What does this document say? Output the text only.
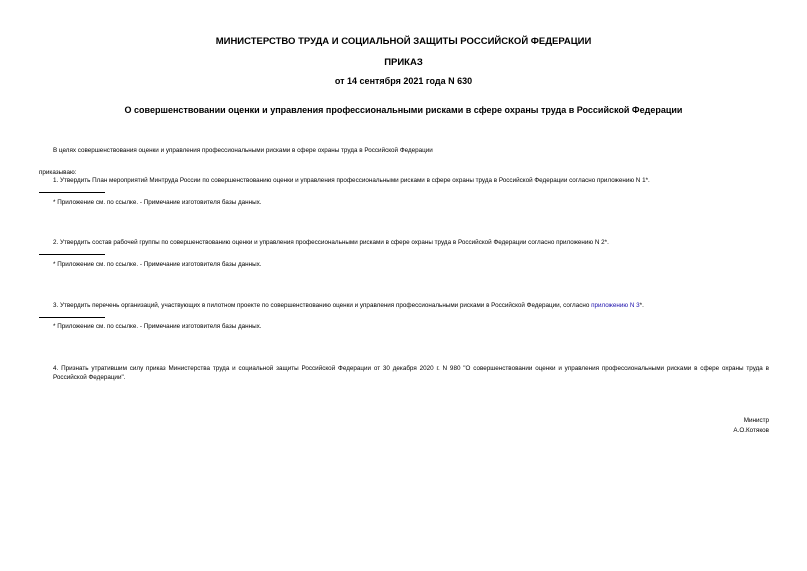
МИНИСТЕРСТВО ТРУДА И СОЦИАЛЬНОЙ ЗАЩИТЫ РОССИЙСКОЙ ФЕДЕРАЦИИ
ПРИКАЗ
от 14 сентября 2021 года N 630
О совершенствовании оценки и управления профессиональными рисками в сфере охраны труда в Российской Федерации
В целях совершенствования оценки и управления профессиональными рисками в сфере охраны труда в Российской Федерации
приказываю:
1. Утвердить План мероприятий Минтруда России по совершенствованию оценки и управления профессиональными рисками в сфере охраны труда в Российской Федерации согласно приложению N 1*.
* Приложение см. по ссылке. - Примечание изготовителя базы данных.
2. Утвердить состав рабочей группы по совершенствованию оценки и управления профессиональными рисками в сфере охраны труда в Российской Федерации согласно приложению N 2*.
* Приложение см. по ссылке. - Примечание изготовителя базы данных.
3. Утвердить перечень организаций, участвующих в пилотном проекте по совершенствованию оценки и управления профессиональными рисками в Российской Федерации, согласно приложению N 3*.
* Приложение см. по ссылке. - Примечание изготовителя базы данных.
4. Признать утратившим силу приказ Министерства труда и социальной защиты Российской Федерации от 30 декабря 2020 г. N 980 "О совершенствовании оценки и управления профессиональными рисками в сфере охраны труда в Российской Федерации".
Министр
А.О.Котяков
